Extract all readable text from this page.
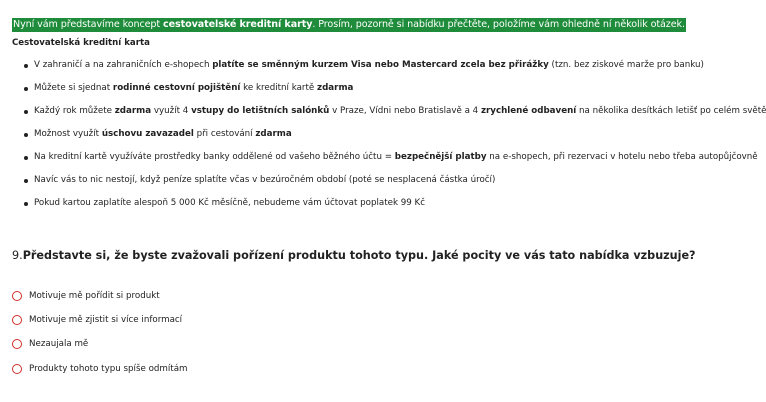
Nyní vám představíme koncept cestovatelské kreditní karty. Prosím, pozorně si nabídku přečtěte, položíme vám ohledně ní několik otázek.
Cestovatelská kreditní karta
V zahraničí a na zahraničních e-shopech platíte se směnným kurzem Visa nebo Mastercard zcela bez přirážky (tzn. bez ziskové marže pro banku)
Můžete si sjednat rodinné cestovní pojištění ke kreditní kartě zdarma
Každý rok můžete zdarma využít 4 vstupy do letištních salónků v Praze, Vídni nebo Bratislavě a 4 zrychlené odbavení na několika desítkách letišť po celém světě
Možnost využít úschovu zavazadel při cestování zdarma
Na kreditní kartě využíváte prostředky banky oddělené od vašeho běžného účtu = bezpečnější platby na e-shopech, při rezervaci v hotelu nebo třeba autopůjčovně
Navíc vás to nic nestojí, když peníze splatíte včas v bezúročném období (poté se nesplacená částka úročí)
Pokud kartou zaplatíte alespoň 5 000 Kč měsíčně, nebudeme vám účtovat poplatek 99 Kč
9.Představte si, že byste zvažovali pořízení produktu tohoto typu. Jaké pocity ve vás tato nabídka vzbuzuje?
Motivuje mě pořídit si produkt
Motivuje mě zjistit si více informací
Nezaujala mě
Produkty tohoto typu spíše odmítám
